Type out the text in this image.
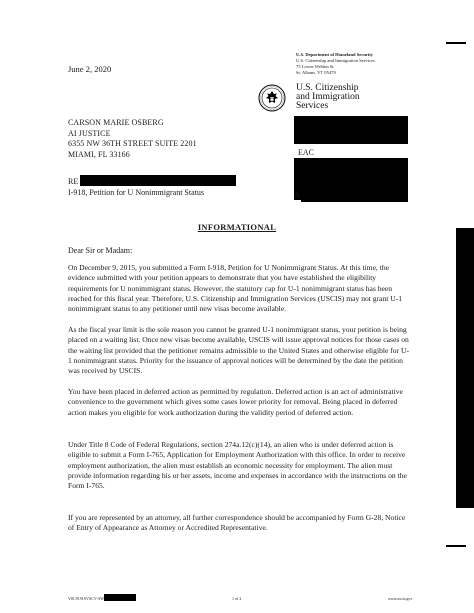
June 2, 2020
U.S. Department of Homeland Security
U.S. Citizenship and Immigration Services
75 Lower Welden St
St. Albans, VT 05479
U.S. Citizenship
and Immigration
Services
CARSON MARIE OSBERG
AI JUSTICE
6355 NW 36TH STREET SUITE 2201
MIAMI, FL 33166	EAC
A
RE
I-918, Petition for U Nonimmigrant Status
INFORMATIONAL
Dear Sir or Madam:
On December 9, 2015, you submitted a Form I-918, Petition for U Nonimmigrant Status. At this time, the evidence submitted with your petition appears to demonstrate that you have established the eligibility requirements for U nonimmigrant status. However, the statutory cap for U-1 nonimmigrant status has been reached for this fiscal year. Therefore, U.S. Citizenship and Immigration Services (USCIS) may not grant U-1 nonimmigrant status to any petitioner until new visas become available.
As the fiscal year limit is the sole reason you cannot be granted U-1 nonimmigrant status, your petition is being placed on a waiting list. Once new visas become available, USCIS will issue approval notices for those cases on the waiting list provided that the petitioner remains admissible to the United States and otherwise eligible for U-1 nonimmigrant status. Priority for the issuance of approval notices will be determined by the date the petition was received by USCIS.
You have been placed in deferred action as permitted by regulation. Deferred action is an act of administrative convenience to the government which gives some cases lower priority for removal. Being placed in deferred action makes you eligible for work authorization during the validity period of deferred action.
Under Title 8 Code of Federal Regulations, section 274a.12(c)(14), an alien who is under deferred action is eligible to submit a Form I-765, Application for Employment Authorization with this office. In order to receive employment authorization, the alien must establish an economic necessity for employment. The alien must provide information regarding his or her assets, income and expenses in accordance with the instructions on the Form I-765.
If you are represented by an attorney, all further correspondence should be accompanied by Form G-28, Notice of Entry of Appearance as Attorney or Accredited Representative.
VSC9191SVSCV-AW	1 of 2	www.uscis.gov
